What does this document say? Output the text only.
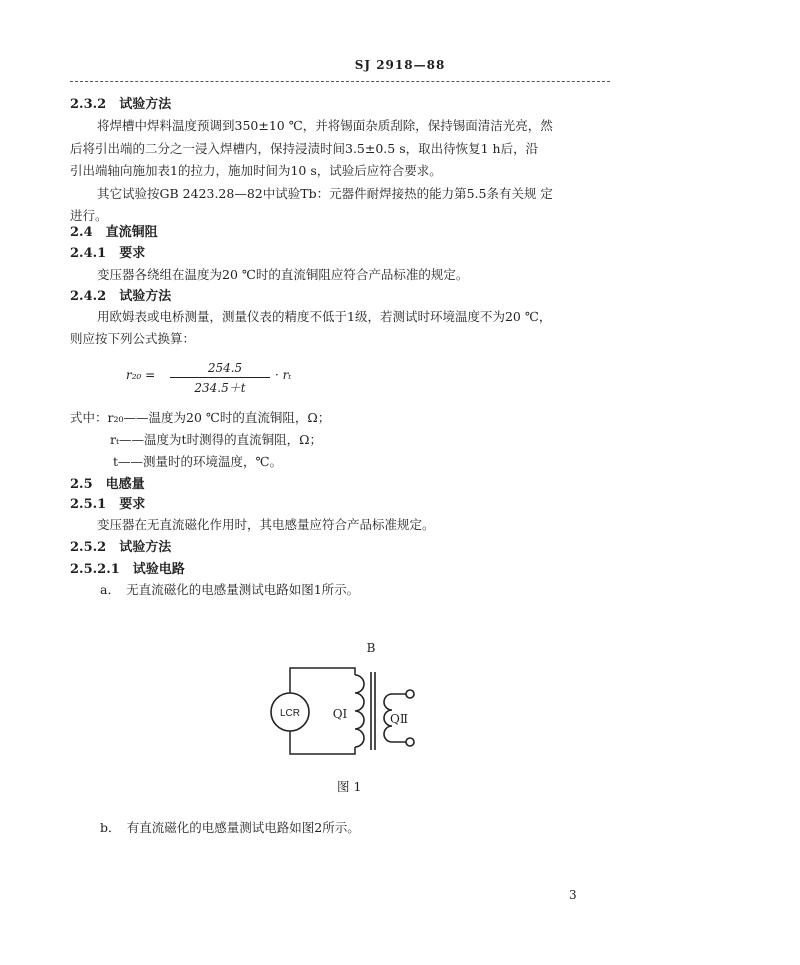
SJ 2918—88
2.3.2　试验方法
将焊槽中焊料温度预调到350±10 ℃，并将锡面杂质刮除，保持锡面清洁光亮，然
后将引出端的二分之一浸入焊槽内，保持浸渍时间3.5±0.5 s，取出待恢复1 h后，沿
引出端轴向施加表1的拉力，施加时间为10 s，试验后应符合要求。
其它试验按GB 2423.28—82中试验Tb：元器件耐焊接热的能力第5.5条有关规 定
进行。
2.4　直流铜阻
2.4.1　要求
变压器各绕组在温度为20 ℃时的直流铜阻应符合产品标准的规定。
2.4.2　试验方法
用欧姆表或电桥测量，测量仪表的精度不低于1级，若测试时环境温度不为20 ℃，
则应按下列公式换算：
r₂₀ =	254.5
234.5＋t
· rₜ
式中：r₂₀——温度为20 ℃时的直流铜阻，Ω；
rₜ——温度为t时测得的直流铜阻，Ω；
t——测量时的环境温度，℃。
2.5　电感量
2.5.1　要求
变压器在无直流磁化作用时，其电感量应符合产品标准规定。
2.5.2　试验方法
2.5.2.1　试验电路
a．　无直流磁化的电感量测试电路如图1所示。
LCR	QⅠ	QⅡ
B
图 1
b．　有直流磁化的电感量测试电路如图2所示。
3
